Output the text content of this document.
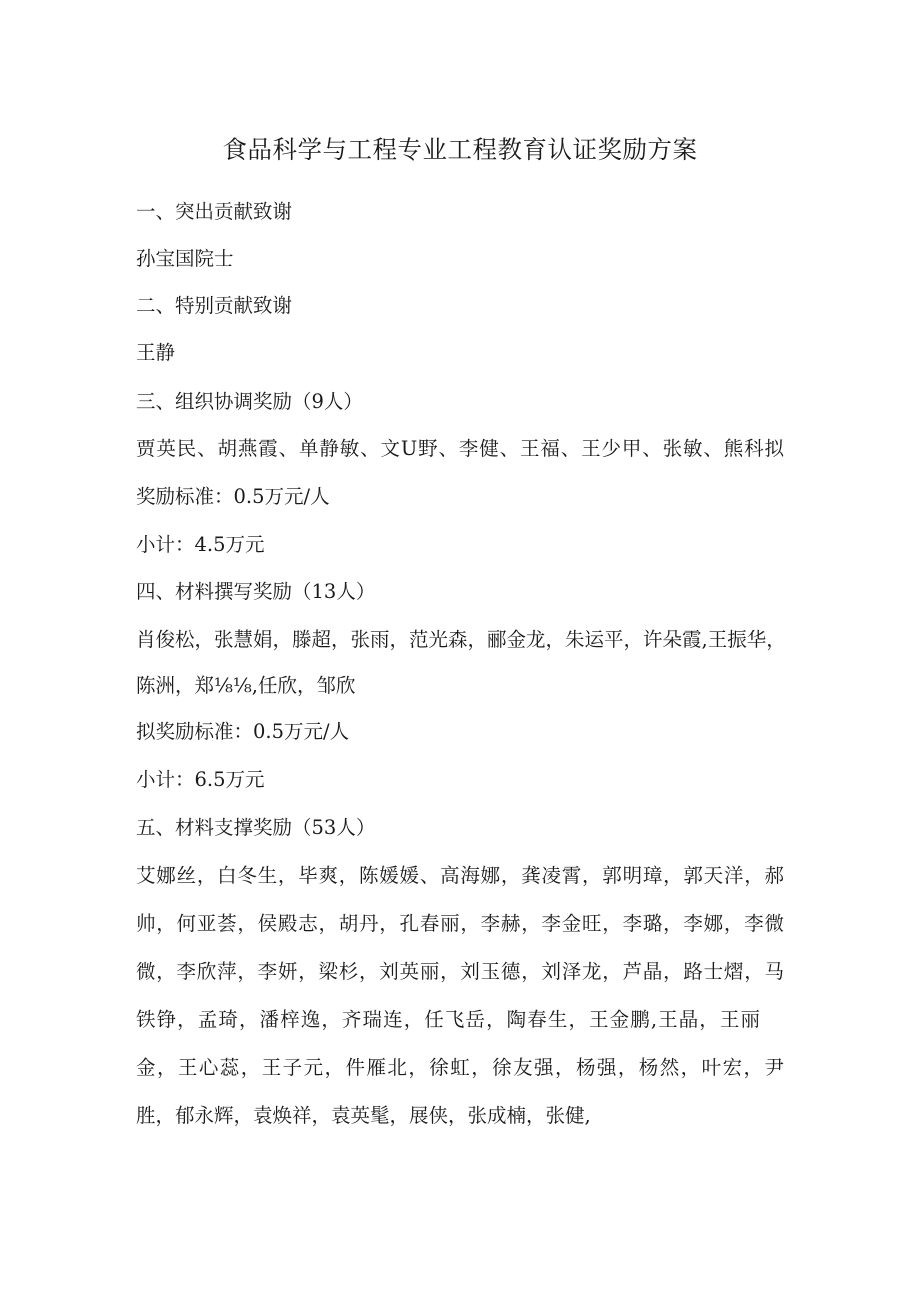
食品科学与工程专业工程教育认证奖励方案
一、突出贡献致谢
孙宝国院士
二、特别贡献致谢
王静
三、组织协调奖励（9人）
贾英民、胡燕霞、单静敏、文U野、李健、王福、王少甲、张敏、熊科拟
奖励标准：0.5万元/人
小计：4.5万元
四、材料撰写奖励（13人）
肖俊松，张慧娟，滕超，张雨，范光森，郦金龙，朱运平，许朵霞,王振华，
陈洲，郑⅛⅛,任欣，邹欣
拟奖励标准：0.5万元/人
小计：6.5万元
五、材料支撑奖励（53人）
艾娜丝，白冬生，毕爽，陈媛媛、高海娜，龚凌霄，郭明璋，郭天洋，郝
帅，何亚荟，侯殿志，胡丹，孔春丽，李赫，李金旺，李璐，李娜，李微
微，李欣萍，李妍，梁杉，刘英丽，刘玉德，刘泽龙，芦晶，路士熠，马
铁铮，孟琦，潘梓逸，齐瑞连，任飞岳，陶春生，王金鹏,王晶，王丽
金，王心蕊，王子元，件雁北，徐虹，徐友强，杨强，杨然，叶宏，尹
胜，郁永辉，袁焕祥，袁英髦，展侠，张成楠，张健,
